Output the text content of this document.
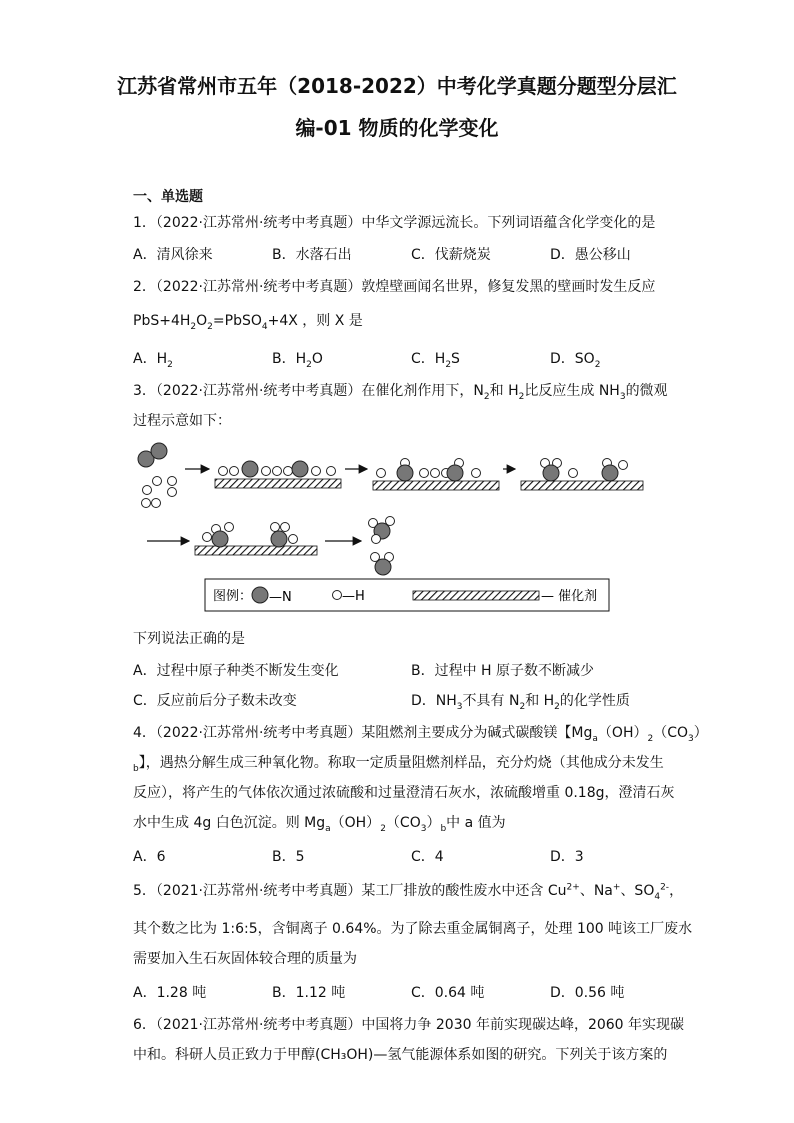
江苏省常州市五年（2018-2022）中考化学真题分题型分层汇
编-01 物质的化学变化
一、单选题
1．（2022·江苏常州·统考中考真题）中华文学源远流长。下列词语蕴含化学变化的是
A．清风徐来	B．水落石出	C．伐薪烧炭	D．愚公移山
2．（2022·江苏常州·统考中考真题）敦煌壁画闻名世界，修复发黑的壁画时发生反应
$PbS+4H_2O_2=PbSO_4+4X$ ，则 X 是
A．$H_2$	B．$H_2O$	C．$H_2S$	D．$SO_2$
3．（2022·江苏常州·统考中考真题）在催化剂作用下，$N_2$和 $H_2$比反应生成 $NH_3$的微观
过程示意如下：
图例： —N	—H	— 催化剂
下列说法正确的是
A．过程中原子种类不断发生变化	B．过程中 H 原子数不断减少
C．反应前后分子数未改变	D．$NH_3$不具有 $N_2$和 $H_2$的化学性质
4．（2022·江苏常州·统考中考真题）某阻燃剂主要成分为碱式碳酸镁【$Mg_a(OH)_2(CO_3)$
$_b$】，遇热分解生成三种氧化物。称取一定质量阻燃剂样品，充分灼烧（其他成分未发生
反应），将产生的气体依次通过浓硫酸和过量澄清石灰水，浓硫酸增重 0.18g，澄清石灰
水中生成 4g 白色沉淀。则 $Mg_a(OH)_2(CO_3)_b$中 a 值为
A．6	B．5	C．4	D．3
5．（2021·江苏常州·统考中考真题）某工厂排放的酸性废水中还含 $Cu^{2+}$、Na+、$SO_4^{2-}$，
其个数之比为 1:6:5，含铜离子 0.64%。为了除去重金属铜离子，处理 100 吨该工厂废水
需要加入生石灰固体较合理的质量为
A．1.28 吨	B．1.12 吨	C．0.64 吨	D．0.56 吨
6．（2021·江苏常州·统考中考真题）中国将力争 2030 年前实现碳达峰，2060 年实现碳
中和。科研人员正致力于甲醇(CH₃OH)—氢气能源体系如图的研究。下列关于该方案的
